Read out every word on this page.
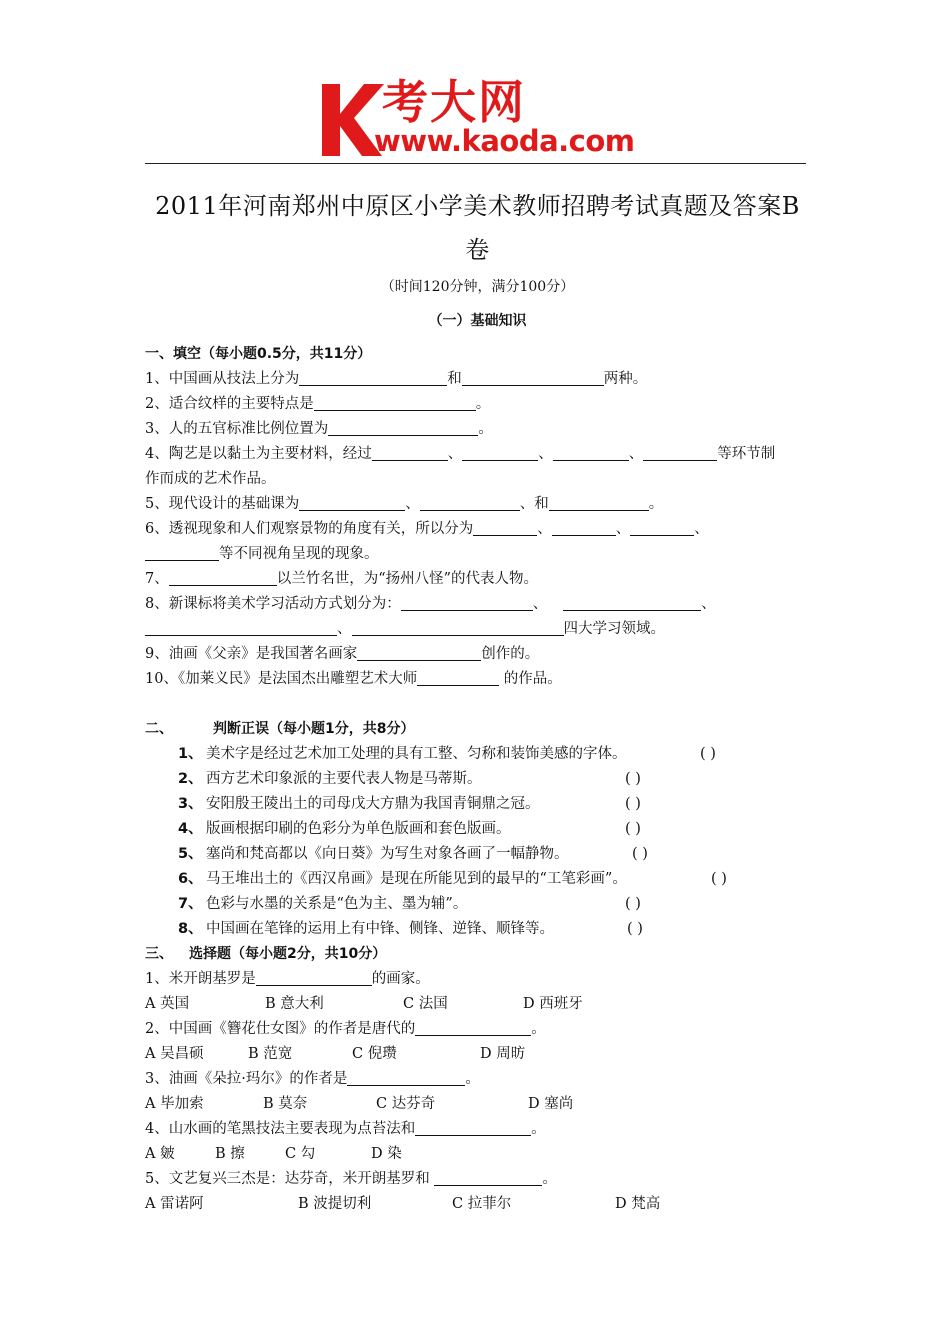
考大网
www.kaoda.com
2011年河南郑州中原区小学美术教师招聘考试真题及答案B
卷
（时间120分钟，满分100分）
（一）基础知识
一、填空（每小题0.5分，共11分）
1、中国画从技法上分为	和	两种。
2、适合纹样的主要特点是	。
3、人的五官标准比例位置为	。
4、陶艺是以黏土为主要材料，经过	、	、	、	等环节制
作而成的艺术作品。
5、现代设计的基础课为	、	、和	。
6、透视现象和人们观察景物的角度有关，所以分为	、	、	、
等不同视角呈现的现象。
7、	以兰竹名世，为“扬州八怪”的代表人物。
8、新课标将美术学习活动方式划分为：	、	、
、	四大学习领域。
9、油画《父亲》是我国著名画家	创作的。
10、《加莱义民》是法国杰出雕塑艺术大师	的作品。
二、	判断正误（每小题1分，共8分）
1、 美术字是经过艺术加工处理的具有工整、匀称和装饰美感的字体。	( )
2、 西方艺术印象派的主要代表人物是马蒂斯。	( )
3、 安阳殷王陵出土的司母戊大方鼎为我国青铜鼎之冠。	( )
4、 版画根据印刷的色彩分为单色版画和套色版画。	( )
5、 塞尚和梵高都以《向日葵》为写生对象各画了一幅静物。	( )
6、 马王堆出土的《西汉帛画》是现在所能见到的最早的“工笔彩画”。	( )
7、 色彩与水墨的关系是“色为主、墨为辅”。	( )
8、 中国画在笔锋的运用上有中锋、侧锋、逆锋、顺锋等。	( )
三、 选择题（每小题2分，共10分）
1、米开朗基罗是	的画家。
A 英国	B 意大利	C 法国	D 西班牙
2、中国画《簪花仕女图》的作者是唐代的	。
A 吴昌硕	B 范宽	C 倪瓒	D 周昉
3、油画《朵拉·玛尔》的作者是	。
A 毕加索	B 莫奈	C 达芬奇	D 塞尚
4、山水画的笔黑技法主要表现为点苔法和	。
A 皴	B 擦	C 勾	D 染
5、文艺复兴三杰是：达芬奇，米开朗基罗和	。
A 雷诺阿	B 波提切利	C 拉菲尔	D 梵高
